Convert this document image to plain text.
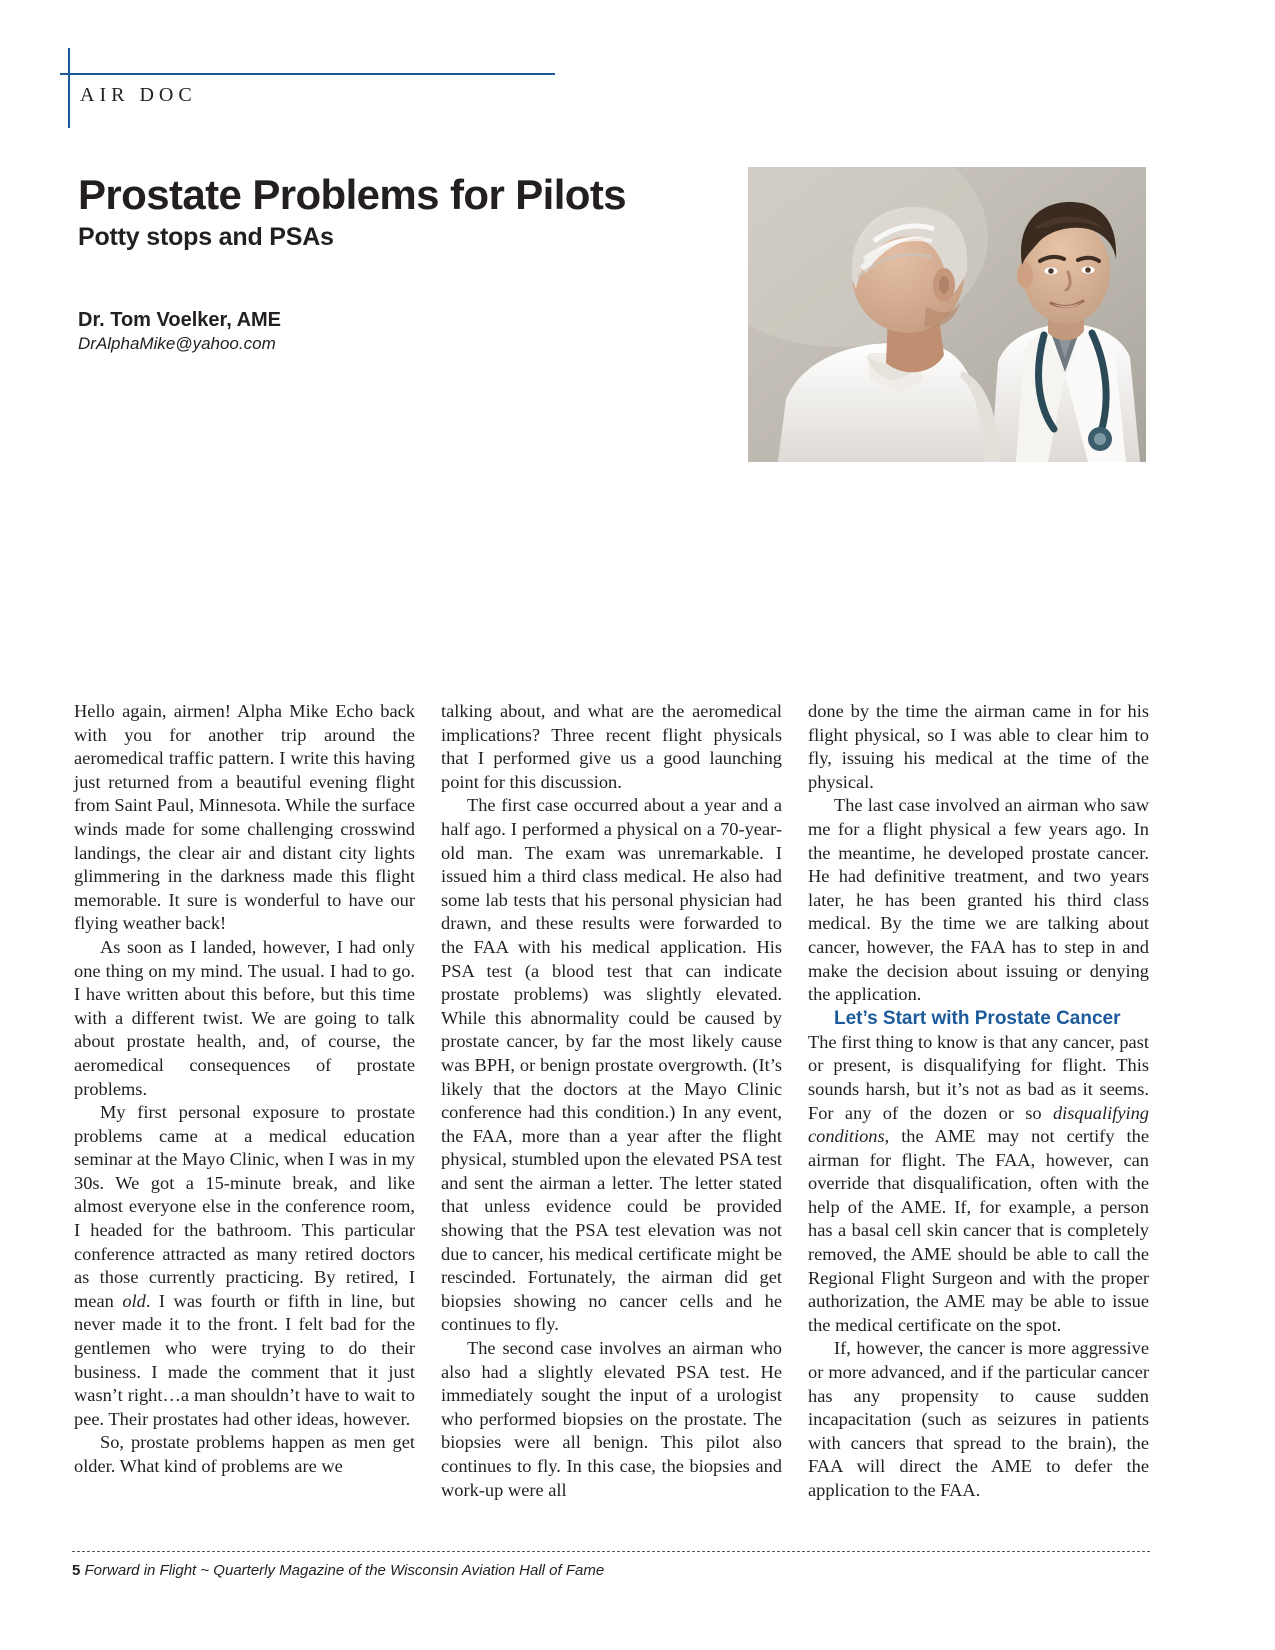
AIR DOC
Prostate Problems for Pilots
Potty stops and PSAs
Dr. Tom Voelker, AME
DrAlphaMike@yahoo.com

Hello again, airmen! Alpha Mike Echo back with you for another trip around the aeromedical traffic pattern. I write this having just returned from a beautiful evening flight from Saint Paul, Minnesota. While the surface winds made for some challenging crosswind landings, the clear air and distant city lights glimmering in the darkness made this flight memorable. It sure is wonderful to have our flying weather back!

As soon as I landed, however, I had only one thing on my mind. The usual. I had to go. I have written about this before, but this time with a different twist. We are going to talk about prostate health, and, of course, the aeromedical consequences of prostate problems.

My first personal exposure to prostate problems came at a medical education seminar at the Mayo Clinic, when I was in my 30s. We got a 15-minute break, and like almost everyone else in the conference room, I headed for the bathroom. This particular conference attracted as many retired doctors as those currently practicing. By retired, I mean old. I was fourth or fifth in line, but never made it to the front. I felt bad for the gentlemen who were trying to do their business. I made the comment that it just wasn’t right…a man shouldn’t have to wait to pee. Their prostates had other ideas, however.

So, prostate problems happen as men get older. What kind of problems are we

talking about, and what are the aeromedical implications? Three recent flight physicals that I performed give us a good launching point for this discussion.

The first case occurred about a year and a half ago. I performed a physical on a 70-year-old man. The exam was unremarkable. I issued him a third class medical. He also had some lab tests that his personal physician had drawn, and these results were forwarded to the FAA with his medical application. His PSA test (a blood test that can indicate prostate problems) was slightly elevated. While this abnormality could be caused by prostate cancer, by far the most likely cause was BPH, or benign prostate overgrowth. (It’s likely that the doctors at the Mayo Clinic conference had this condition.) In any event, the FAA, more than a year after the flight physical, stumbled upon the elevated PSA test and sent the airman a letter. The letter stated that unless evidence could be provided showing that the PSA test elevation was not due to cancer, his medical certificate might be rescinded. Fortunately, the airman did get biopsies showing no cancer cells and he continues to fly.

The second case involves an airman who also had a slightly elevated PSA test. He immediately sought the input of a urologist who performed biopsies on the prostate. The biopsies were all benign. This pilot also continues to fly. In this case, the biopsies and work-up were all

done by the time the airman came in for his flight physical, so I was able to clear him to fly, issuing his medical at the time of the physical.

The last case involved an airman who saw me for a flight physical a few years ago. In the meantime, he developed prostate cancer. He had definitive treatment, and two years later, he has been granted his third class medical. By the time we are talking about cancer, however, the FAA has to step in and make the decision about issuing or denying the application.

Let’s Start with Prostate Cancer

The first thing to know is that any cancer, past or present, is disqualifying for flight. This sounds harsh, but it’s not as bad as it seems. For any of the dozen or so disqualifying conditions, the AME may not certify the airman for flight. The FAA, however, can override that disqualification, often with the help of the AME. If, for example, a person has a basal cell skin cancer that is completely removed, the AME should be able to call the Regional Flight Surgeon and with the proper authorization, the AME may be able to issue the medical certificate on the spot.

If, however, the cancer is more aggressive or more advanced, and if the particular cancer has any propensity to cause sudden incapacitation (such as seizures in patients with cancers that spread to the brain), the FAA will direct the AME to defer the application to the FAA.

5 Forward in Flight ~ Quarterly Magazine of the Wisconsin Aviation Hall of Fame
